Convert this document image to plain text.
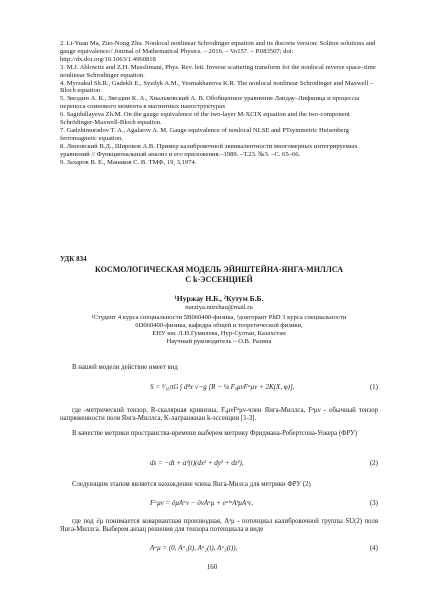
2. Li-Yuan Ma, Zuo-Nong Zhu. Nonlocal nonlinear Schrodinger equation and its discrete version: Soliton solutions and gauge equivalence// Journal of Mathematical Physics. – 2016. – Vo157. – P.083507; doi: http://dx.doi.org/10.1063/1.4960818

3. M.J. Ablowitz and Z.H. Musslimani, Phys. Rev. lett. Inverse scattering transform for the nonlocal reverse space–time nonlinear Schrodinger equation.

4. Myrzakul Sh.R., Gadekli E., Syzdyk A.M., Yesmakhanova K.R. The nonlocal nonlinear Schrodinger and Maxwell – Bloch equation

5. Звездин А. К., Звездин К. А., Хвальковский А. В. Обобщенное уравнение Ландау–Лифшица и процессы переноса спинового момента в магнитных наноструктурах

6. Sagidullayeva Zh.M. On the gauge equivalence of the two-layer M-XCIX equation and the two-component Schrödinger-Maxwell-Bloch equation.

7. Gadzhimuradov T. A., Agalarov A. M. Gauge equivalence of nonlocal NLSE and PTsymmetric Heisenberg ferromagnetic equation.

8. Липовский В.Д., Широков А.В. Пример калибровочной эквивалентности многомерных интегрируемых уравнений // Функциональный анализ и его приложения.–1989. –Т.23. №3. –С. 65–66.

9. Захаров В. Е., Манаков С. В. ТМФ, 19, 3,1974.

УДК 834
КОСМОЛОГИЧЕСКАЯ МОДЕЛЬ ЭЙНШТЕЙНА-ЯНГА-МИЛЛСА
С k-ЭССЕНЦИЕЙ
¹Нуржау Н.Б., ²Кутум Б.Б.
nurziya.nurzhau@mail.ru
¹Студент 4 курса специальности 5В060400-физика, ²докторант PhD 3 курса специальности
6D060400-физика, кафедра общей и теоретической физики,
ЕНУ им. Л.Н.Гумилева, Нур-Султан, Казахстан
Научный руководитель – О.В. Разина

В нашей модели действие имеет вид

S = ¹⁄₁₆πG ∫ d⁴x √−g [R − ¼ FₐμνFᵃμν + 2K(X, φ)],	(1)

где -метрический тензор, R-скалярная кривизна, FₐμνFᵃμν-член Янга-Миллса, Fᵃμν - обычный тензор напряженности поля Янга-Миллса, K-лагранжиан k-эссенции [1-3].

В качестве метрики пространства-времени выберем метрику Фридмана-Робертсона-Уокера (ФРУ)

ds = −dt + a²(t)(dx² + dy² + dz²),	(2)

Следующим этапом является нахождение члена Янга-Милса для метрики ФРУ (2)

Fᵃμν = ∂μAᵃν − ∂νAᵃμ + eᵃᵇᶜAᵇμAᶜν,	(3)

где под ∂μ понимается ковариантная производная, Aᵃμ - потенциал калибровочной группы SU(2) поля Янга-Миллса. Выберем анзац решения для тензора потенциала в виде

Aᵃμ = (0, Aᵃ₁(t), Aᵃ₂(t), Aᵃ₃(t)),	(4)
160
